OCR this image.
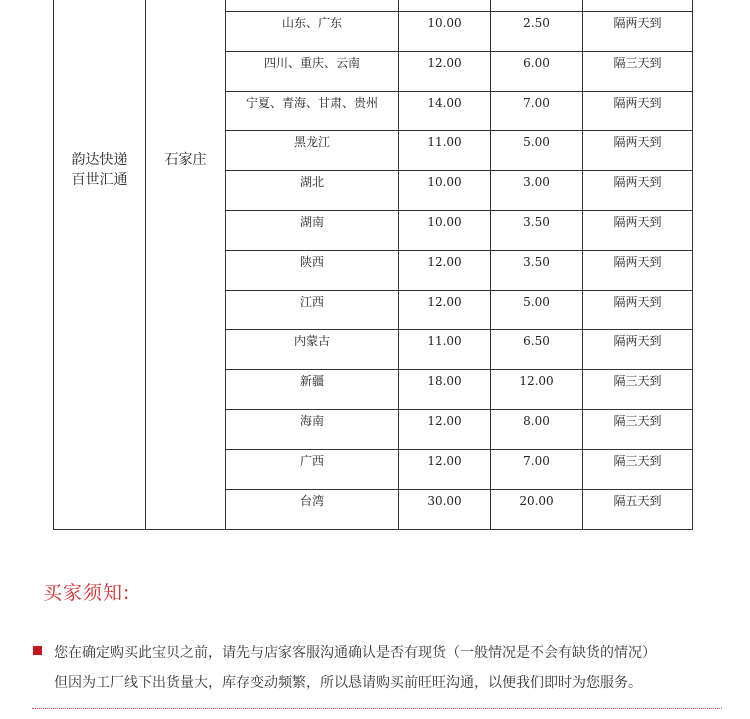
韵达快递
百世汇通
石家庄
山东、广东	10.00	2.50	隔两天到
四川、重庆、云南	12.00	6.00	隔三天到
宁夏、青海、甘肃、贵州	14.00	7.00	隔两天到
黑龙江	11.00	5.00	隔两天到
湖北	10.00	3.00	隔两天到
湖南	10.00	3.50	隔两天到
陕西	12.00	3.50	隔两天到
江西	12.00	5.00	隔两天到
内蒙古	11.00	6.50	隔两天到
新疆	18.00	12.00	隔三天到
海南	12.00	8.00	隔三天到
广西	12.00	7.00	隔三天到
台湾	30.00	20.00	隔五天到
买家须知:
您在确定购买此宝贝之前，请先与店家客服沟通确认是否有现货（一般情况是不会有缺货的情况）
但因为工厂线下出货量大，库存变动频繁，所以恳请购买前旺旺沟通，以便我们即时为您服务。
